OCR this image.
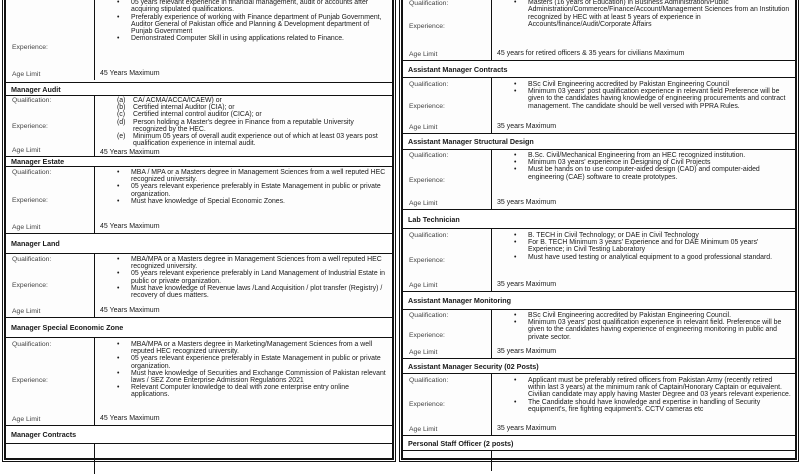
Experience:
Age Limit
• 05 years relevant experience in financial management, audit or accounts after acquiring stipulated qualifications.
• Preferably experience of working with Finance department of Punjab Government, Auditor General of Pakistan office and Planning & Development department of Punjab Government
• Demonstrated Computer Skill in using applications related to Finance.
45 Years Maximum
Manager Audit
Qualification:
Experience:
Age Limit
(a) CA/ ACMA/ACCA/ICAEW) or
(b) Certified internal Auditor (CIA); or
(c) Certified internal control auditor (CICA); or
(d) Person holding a Master's degree in Finance from a reputable University recognized by the HEC.
(e) Minimum 05 years of overall audit experience out of which at least 03 years post qualification experience in internal audit.
45 Years Maximum
Manager Estate
Qualification:
Experience:
Age Limit
• MBA / MPA or a Masters degree in Management Sciences from a well reputed HEC recognized university.
• 05 years relevant experience preferably in Estate Management in public or private organization.
• Must have knowledge of Special Economic Zones.
45 Years Maximum
Manager Land
Qualification:
Experience:
Age Limit
• MBA/MPA or a Masters degree in Management Sciences from a well reputed HEC recognized university.
• 05 years relevant experience preferably in Land Management of Industrial Estate in public or private organization.
• Must have knowledge of Revenue laws /Land Acquisition / plot transfer (Registry) / recovery of dues matters.
45 Years Maximum
Manager Special Economic Zone
Qualification:
Experience:
Age Limit
• MBA/MPA or a Masters degree in Marketing/Management Sciences from a well reputed HEC recognized university.
• 05 years relevant experience preferably in Estate Management in public or private organization.
• Must have knowledge of Securities and Exchange Commission of Pakistan relevant laws / SEZ Zone Enterprise Admission Regulations 2021
• Relevant Computer knowledge to deal with zone enterprise entry online applications.
45 Years Maximum
Manager Contracts
Qualification:
Experience:
Age Limit
• Masters (16 years of Education) in Business Administration/Public Administration/Commerce/Finance/Account/Management Sciences from an Institution recognized by HEC with at least 5 years of experience in Accounts/finance/Audit/Corporate Affairs
45 years for retired officers & 35 years for civilians Maximum
Assistant Manager Contracts
Qualification:
Experience:
Age Limit
• BSc Civil Engineering accredited by Pakistan Engineering Council
• Minimum 03 years' post qualification experience in relevant field Preference will be given to the candidates having knowledge of engineering procurements and contract management. The candidate should be well versed with PPRA Rules.
35 years Maximum
Assistant Manager Structural Design
Qualification:
Experience:
Age Limit
• B.Sc. Civil/Mechanical Engineering from an HEC recognized institution.
• Minimum 03 years' experience in Designing of Civil Projects
• Must be hands on to use computer-aided design (CAD) and computer-aided engineering (CAE) software to create prototypes.
35 years Maximum
Lab Technician
Qualification:
Experience:
Age Limit
• B. TECH in Civil Technology; or DAE in Civil Technology
• For B. TECH Minimum 3 years' Experience and for DAE Minimum 05 years' Experience; in Civil Testing Laboratory
• Must have used testing or analytical equipment to a good professional standard.
35 years Maximum
Assistant Manager Monitoring
Qualification:
Experience:
Age Limit
• BSc Civil Engineering accredited by Pakistan Engineering Council.
• Minimum 03 years' post qualification experience in relevant field. Preference will be given to the candidates having experience of engineering monitoring in public and private sector.
35 years Maximum
Assistant Manager Security (02 Posts)
Qualification:
Experience:
Age Limit
• Applicant must be preferably retired officers from Pakistan Army (recently retired within last 3 years) at the minimum rank of Captain/Honorary Captain or equivalent. Civilian candidate may apply having Master Degree and 03 years relevant experience.
• The Candidate should have knowledge and expertise in handling of Security equipment's, fire fighting equipment's. CCTV cameras etc
35 years Maximum
Personal Staff Officer (2 posts)
